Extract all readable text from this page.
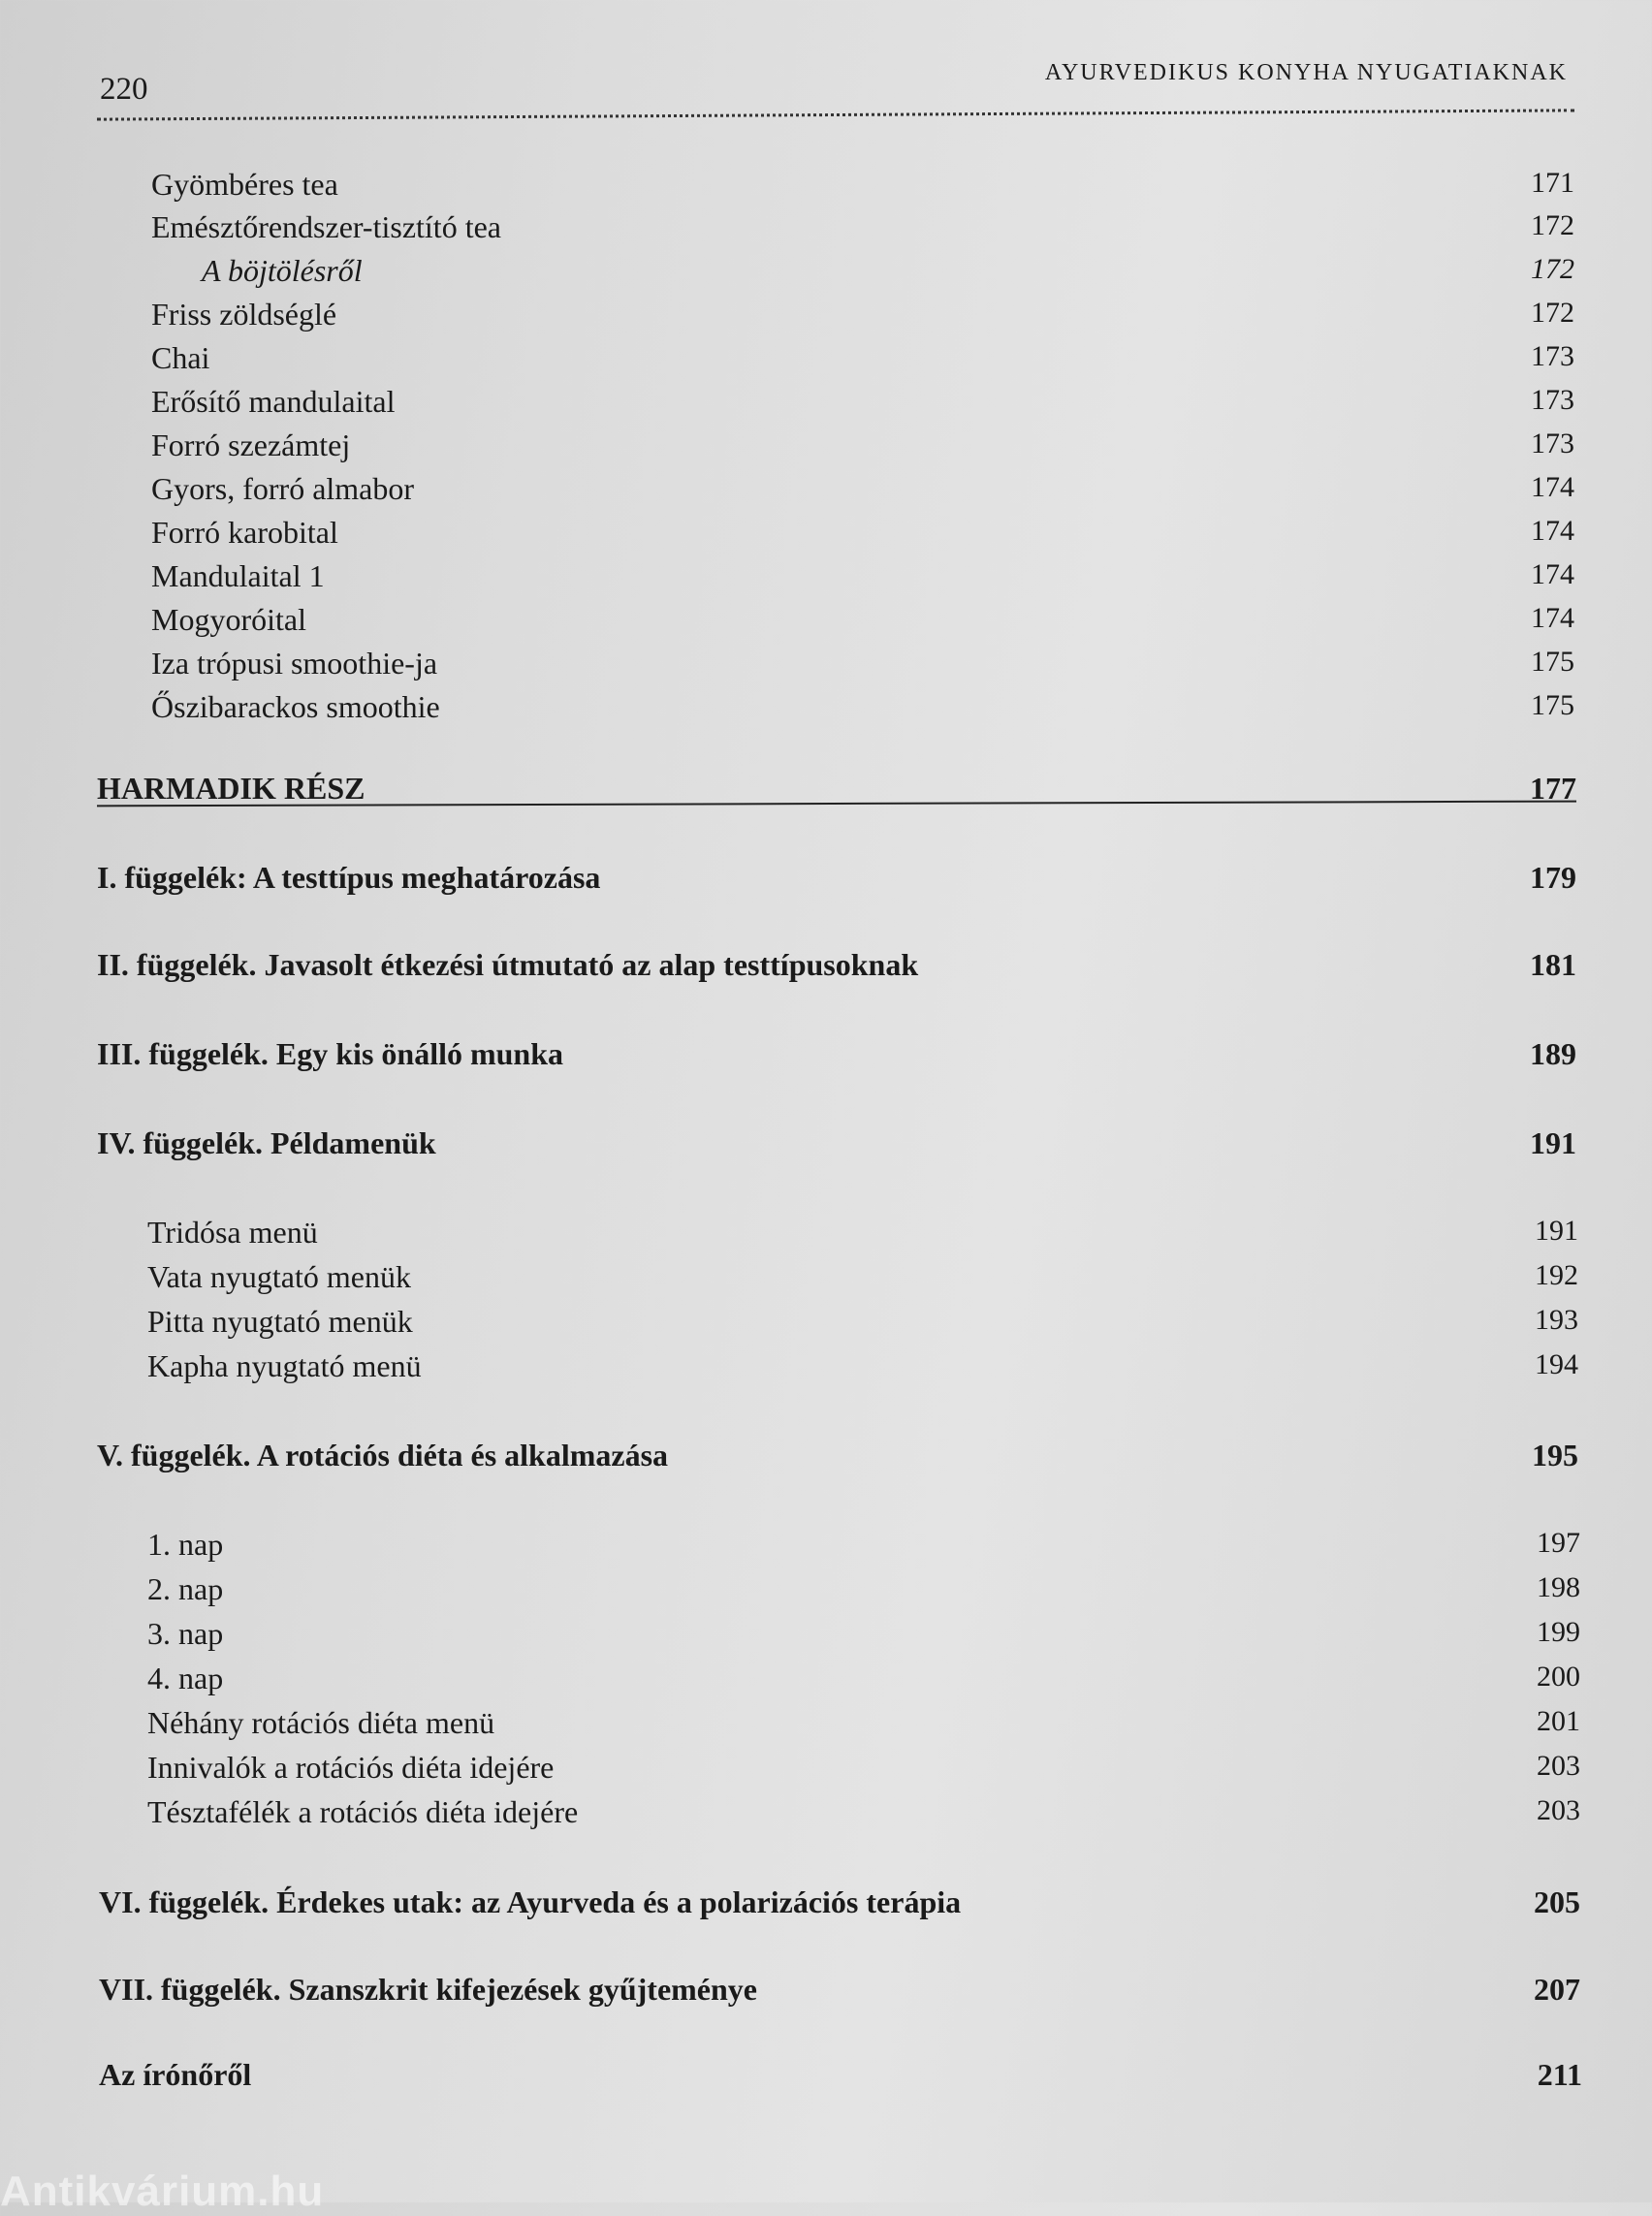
220	AYURVEDIKUS KONYHA NYUGATIAKNAK
Gyömbéres tea	171
Emésztőrendszer-tisztító tea	172
A böjtölésről	172
Friss zöldséglé	172
Chai	173
Erősítő mandulaital	173
Forró szezámtej	173
Gyors, forró almabor	174
Forró karobital	174
Mandulaital 1	174
Mogyoróital	174
Iza trópusi smoothie-ja	175
Őszibarackos smoothie	175
HARMADIK RÉSZ	177
I. függelék: A testtípus meghatározása	179
II. függelék. Javasolt étkezési útmutató az alap testtípusoknak	181
III. függelék. Egy kis önálló munka	189
IV. függelék. Példamenük	191
Tridósa menü	191
Vata nyugtató menük	192
Pitta nyugtató menük	193
Kapha nyugtató menü	194
V. függelék. A rotációs diéta és alkalmazása	195
1. nap	197
2. nap	198
3. nap	199
4. nap	200
Néhány rotációs diéta menü	201
Innivalók a rotációs diéta idejére	203
Tésztafélék a rotációs diéta idejére	203
VI. függelék. Érdekes utak: az Ayurveda és a polarizációs terápia	205
VII. függelék. Szanszkrit kifejezések gyűjteménye	207
Az írónőről	211
Antikvárium.hu
